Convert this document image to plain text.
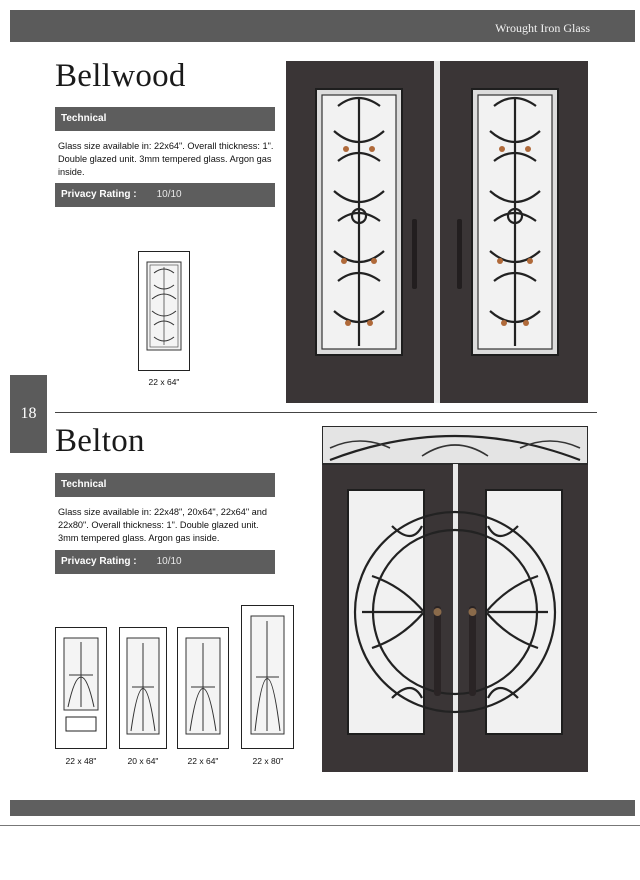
Wrought Iron Glass
Bellwood
Technical
Glass size available in: 22x64". Overall thickness: 1". Double glazed unit. 3mm tempered glass. Argon gas inside.
Privacy Rating : 10/10
22 x 64"
18
Belton
Technical
Glass size available in: 22x48", 20x64", 22x64" and 22x80". Overall thickness: 1". Double glazed unit. 3mm tempered glass. Argon gas inside.
Privacy Rating : 10/10
22 x 48"	20 x 64"	22 x 64"	22 x 80"
